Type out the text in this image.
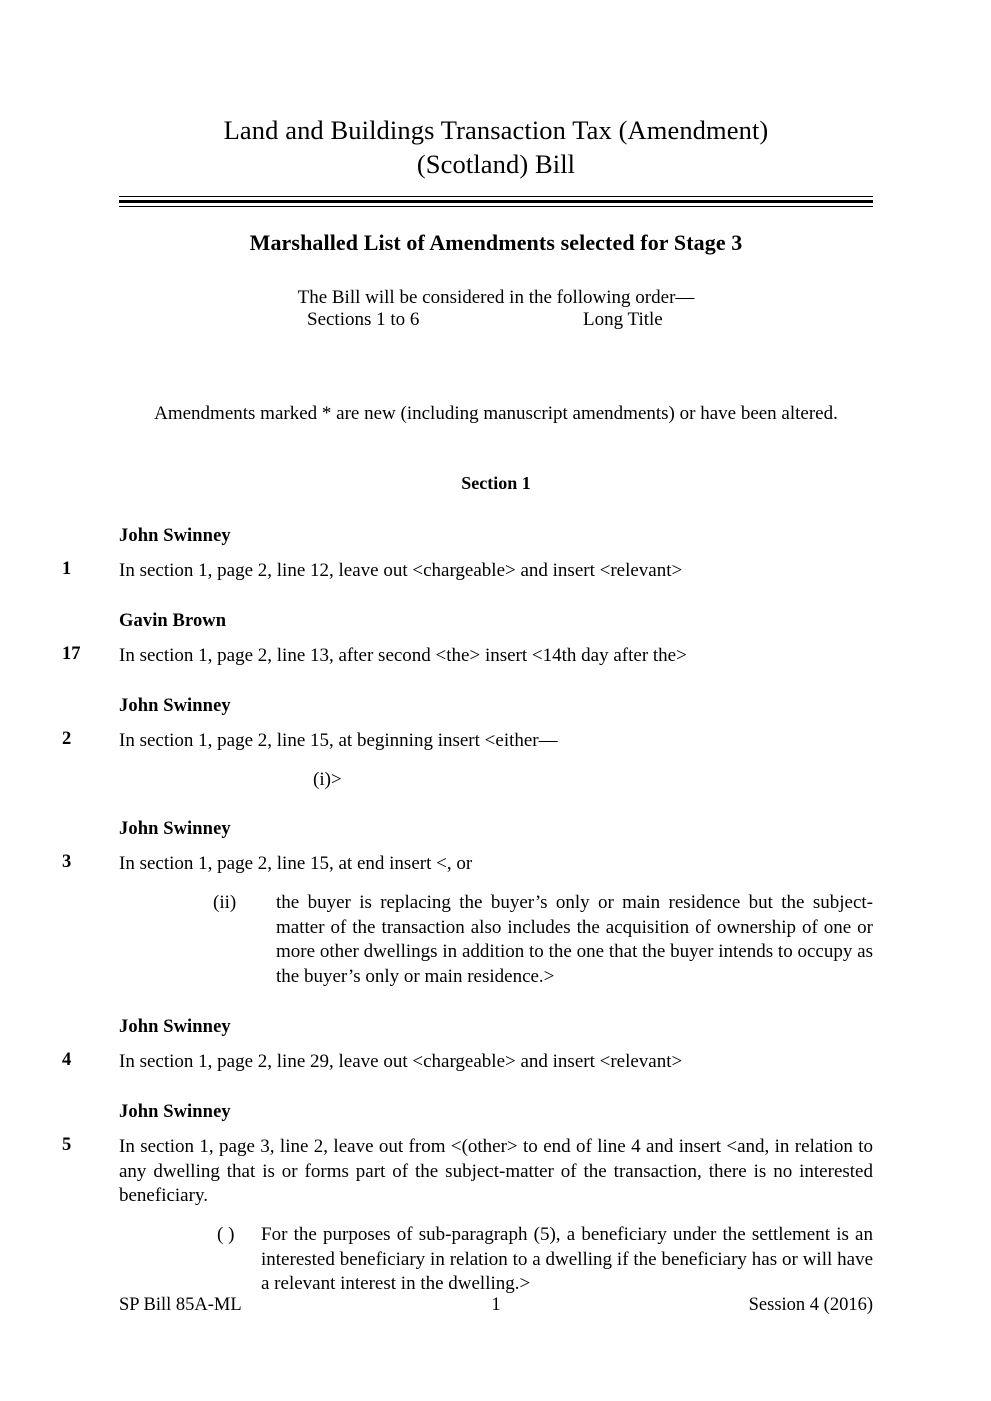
Land and Buildings Transaction Tax (Amendment)
(Scotland) Bill
Marshalled List of Amendments selected for Stage 3

The Bill will be considered in the following order—

Sections 1 to 6	Long Title

Amendments marked * are new (including manuscript amendments) or have been altered.

Section 1
John Swinney
1	In section 1, page 2, line 12, leave out <chargeable> and insert <relevant>

Gavin Brown
17	In section 1, page 2, line 13, after second <the> insert <14th day after the>

John Swinney
2	In section 1, page 2, line 15, at beginning insert <either—

(i)>
John Swinney
3	In section 1, page 2, line 15, at end insert <, or

(ii)	the buyer is replacing the buyer’s only or main residence but the subject-matter of the transaction also includes the acquisition of ownership of one or more other dwellings in addition to the one that the buyer intends to occupy as the buyer’s only or main residence.>
John Swinney
4	In section 1, page 2, line 29, leave out <chargeable> and insert <relevant>

John Swinney
5	In section 1, page 3, line 2, leave out from <(other> to end of line 4 and insert <and, in relation to any dwelling that is or forms part of the subject-matter of the transaction, there is no interested beneficiary.

( )	For the purposes of sub-paragraph (5), a beneficiary under the settlement is an interested beneficiary in relation to a dwelling if the beneficiary has or will have a relevant interest in the dwelling.>
SP Bill 85A-ML	1	Session 4 (2016)
